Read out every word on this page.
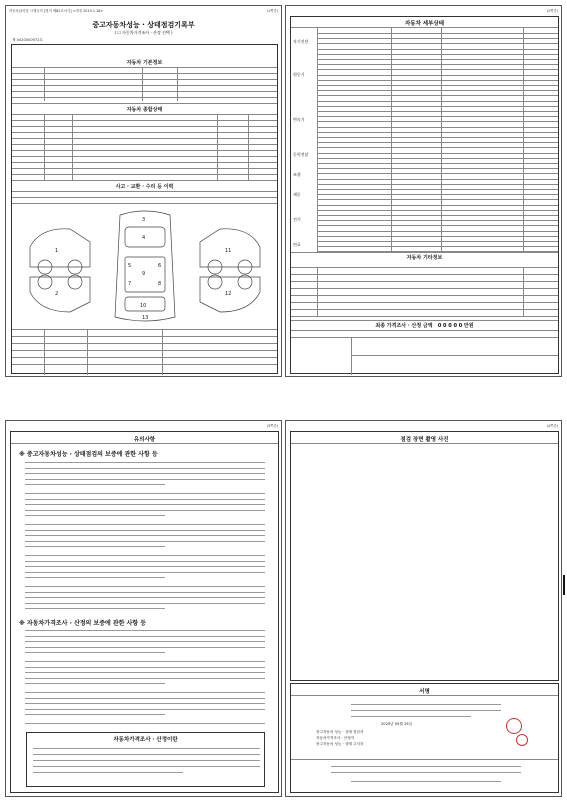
자동차관리법 시행규칙 [별지 제82호서식] <개정 2019.1.18>	(1쪽중)
중고자동차성능 · 상태점검기록부
( ☐ 자동차가격조사 · 산정 선택 )
제 0420000972호
자동차 기본정보
자동차 종합상태
사고 · 교환 · 수리 등 이력
1
2
3
4
5	6
7	8
9
10
11
12
13
(2쪽중)
자동차 세부상태
자기진단
원동기
변속기
동력전달
조향
제동
전기
연료
자동차 기타정보
최종 가격조사 · 산정 금액 0 0 0 0 0 만원
(3쪽중)
유의사항
※ 중고자동차성능 · 상태점검의 보증에 관한 사항 등
※ 자동차가격조사 · 산정의 보증에 관한 사항 등
자동차가격조사 · 산정이란
(4쪽중)
점검 장면 촬영 사진
서명
2020년 05월 29일
중고자동차 성능 · 상태 점검자
자동차가격조사 · 산정자
중고자동차 성능 · 상태 고지자
